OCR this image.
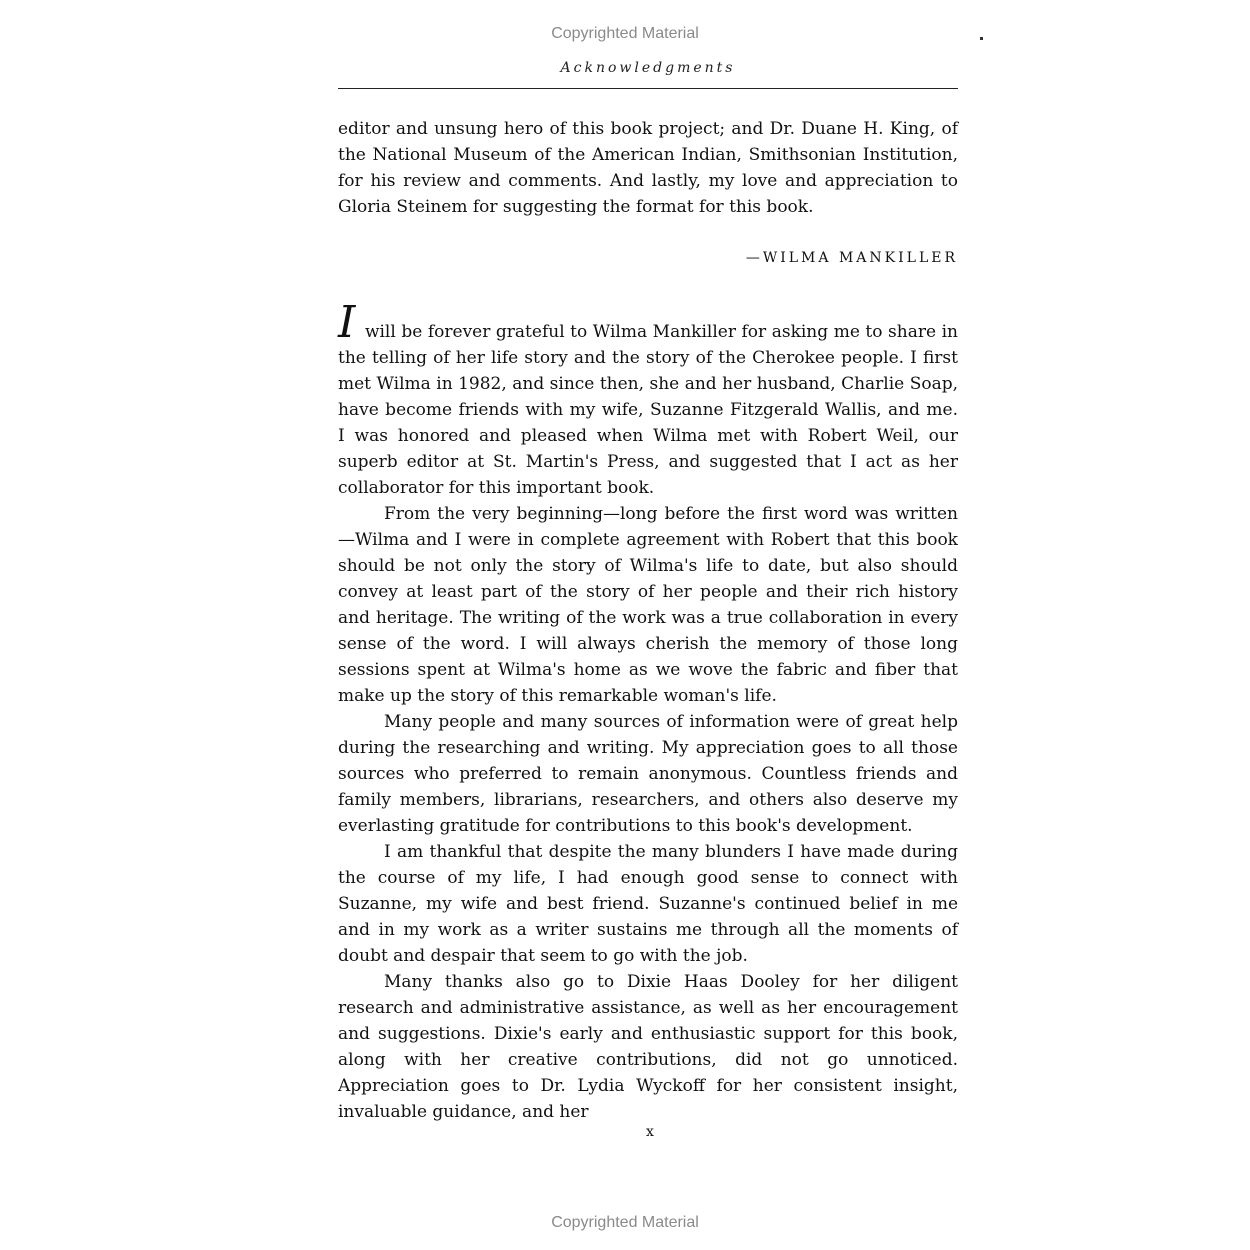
Copyrighted Material
Acknowledgments

editor and unsung hero of this book project; and Dr. Duane H. King, of the National Museum of the American Indian, Smithsonian Institution, for his review and comments. And lastly, my love and appreciation to Gloria Steinem for suggesting the format for this book.

—WILMA MANKILLER

I will be forever grateful to Wilma Mankiller for asking me to share in the telling of her life story and the story of the Cherokee people. I first met Wilma in 1982, and since then, she and her husband, Charlie Soap, have become friends with my wife, Suzanne Fitzgerald Wallis, and me. I was honored and pleased when Wilma met with Robert Weil, our superb editor at St. Martin's Press, and suggested that I act as her collaborator for this important book.

From the very beginning—long before the first word was written—Wilma and I were in complete agreement with Robert that this book should be not only the story of Wilma's life to date, but also should convey at least part of the story of her people and their rich history and heritage. The writing of the work was a true collaboration in every sense of the word. I will always cherish the memory of those long sessions spent at Wilma's home as we wove the fabric and fiber that make up the story of this remarkable woman's life.

Many people and many sources of information were of great help during the researching and writing. My appreciation goes to all those sources who preferred to remain anonymous. Countless friends and family members, librarians, researchers, and others also deserve my everlasting gratitude for contributions to this book's development.

I am thankful that despite the many blunders I have made during the course of my life, I had enough good sense to connect with Suzanne, my wife and best friend. Suzanne's continued belief in me and in my work as a writer sustains me through all the moments of doubt and despair that seem to go with the job.

Many thanks also go to Dixie Haas Dooley for her diligent research and administrative assistance, as well as her encouragement and suggestions. Dixie's early and enthusiastic support for this book, along with her creative contributions, did not go unnoticed. Appreciation goes to Dr. Lydia Wyckoff for her consistent insight, invaluable guidance, and her

x
Copyrighted Material
